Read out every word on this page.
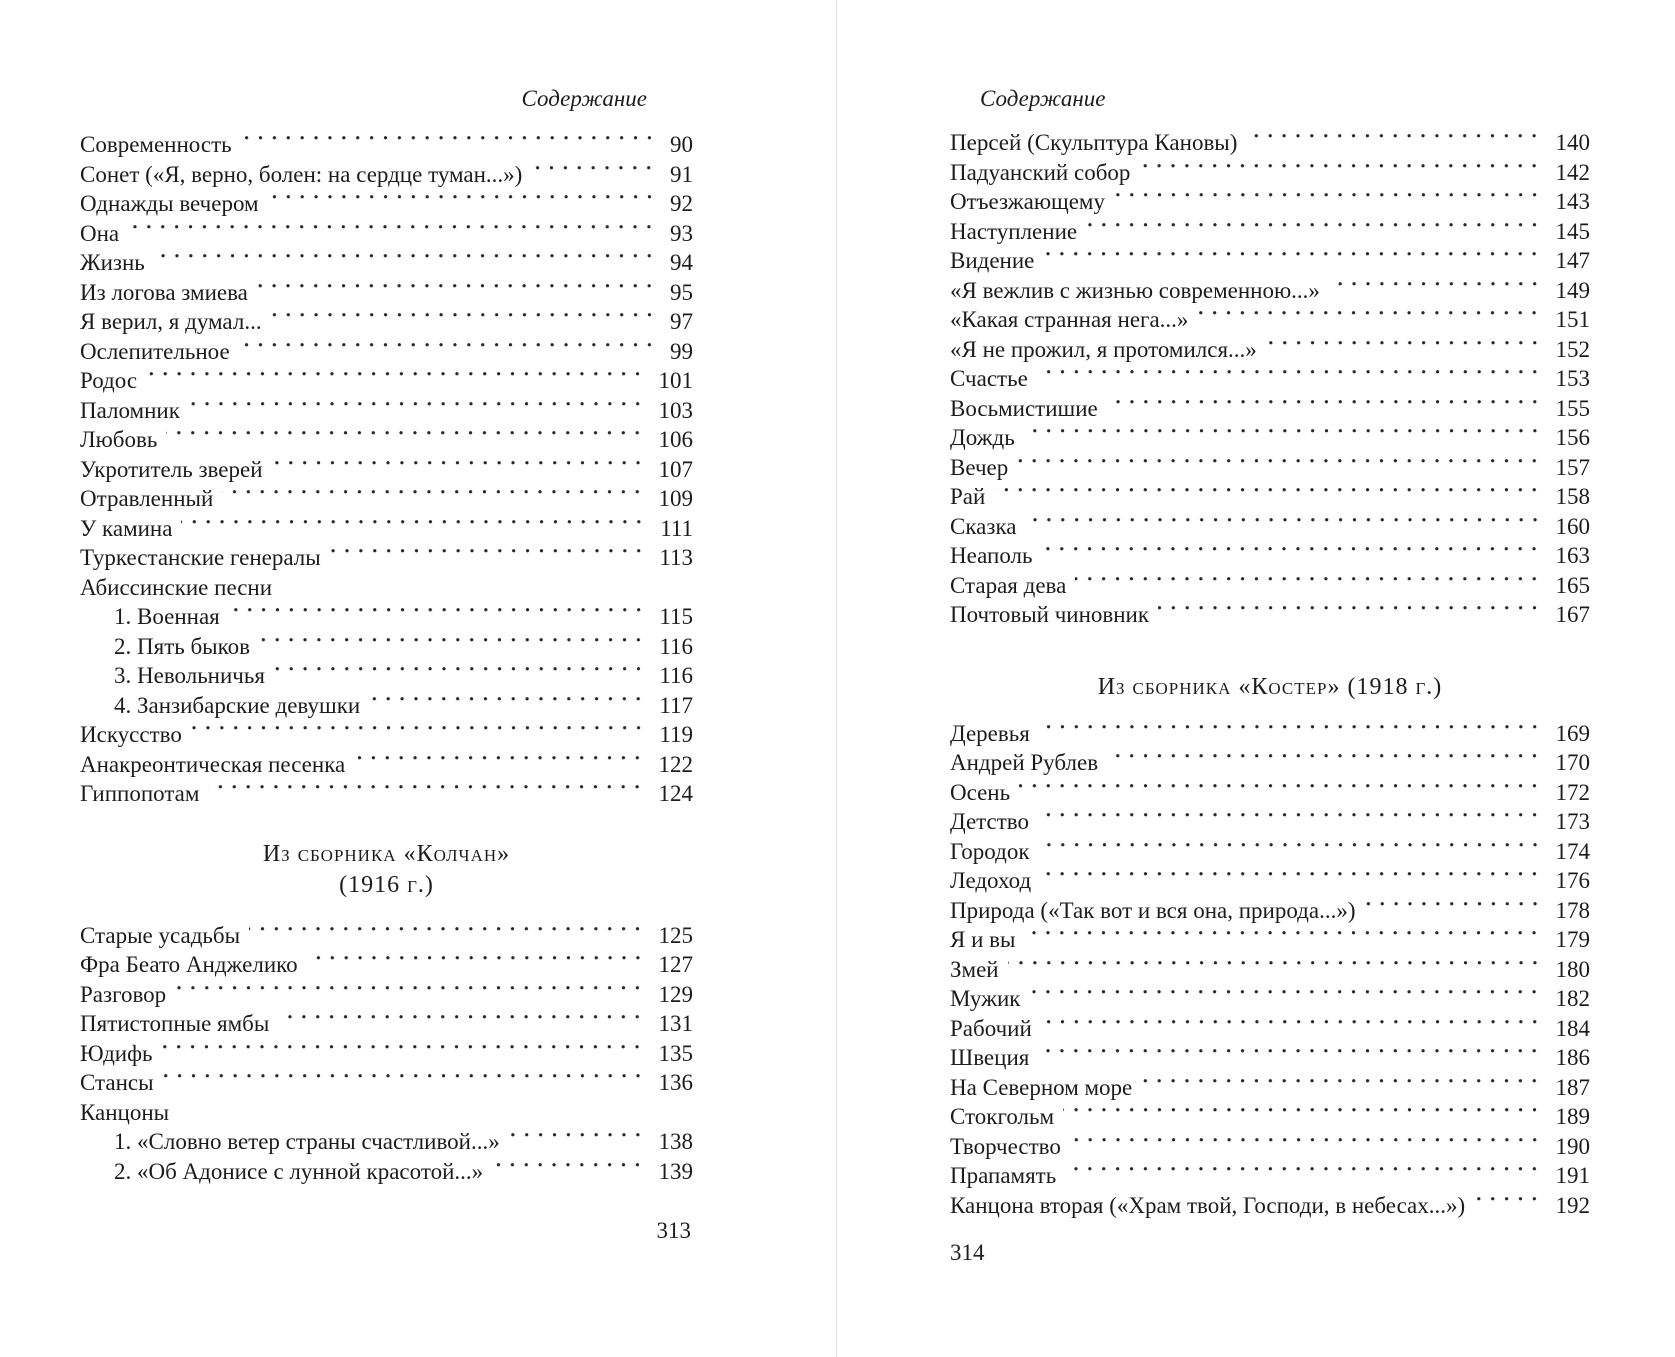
Содержание
Современность	90
Сонет («Я, верно, болен: на сердце туман...»)	91
Однажды вечером	92
Она	93
Жизнь	94
Из логова змиева	95
Я верил, я думал...	97
Ослепительное	99
Родос	101
Паломник	103
Любовь	106
Укротитель зверей	107
Отравленный	109
У камина	111
Туркестанские генералы	113
Абиссинские песни
1. Военная	115
2. Пять быков	116
3. Невольничья	116
4. Занзибарские девушки	117
Искусство	119
Анакреонтическая песенка	122
Гиппопотам	124
Из сборника «Колчан»
(1916 г.)
Старые усадьбы	125
Фра Беато Анджелико	127
Разговор	129
Пятистопные ямбы	131
Юдифь	135
Стансы	136
Канцоны
1. «Словно ветер страны счастливой...»	138
2. «Об Адонисе с лунной красотой...»	139
313
Содержание
Персей (Скульптура Кановы)	140
Падуанский собор	142
Отъезжающему	143
Наступление	145
Видение	147
«Я вежлив с жизнью современною...»	149
«Какая странная нега...»	151
«Я не прожил, я протомился...»	152
Счастье	153
Восьмистишие	155
Дождь	156
Вечер	157
Рай	158
Сказка	160
Неаполь	163
Старая дева	165
Почтовый чиновник	167
Из сборника «Костер» (1918 г.)
Деревья	169
Андрей Рублев	170
Осень	172
Детство	173
Городок	174
Ледоход	176
Природа («Так вот и вся она, природа...»)	178
Я и вы	179
Змей	180
Мужик	182
Рабочий	184
Швеция	186
На Северном море	187
Стокгольм	189
Творчество	190
Прапамять	191
Канцона вторая («Храм твой, Господи, в небесах...»)	192
314
